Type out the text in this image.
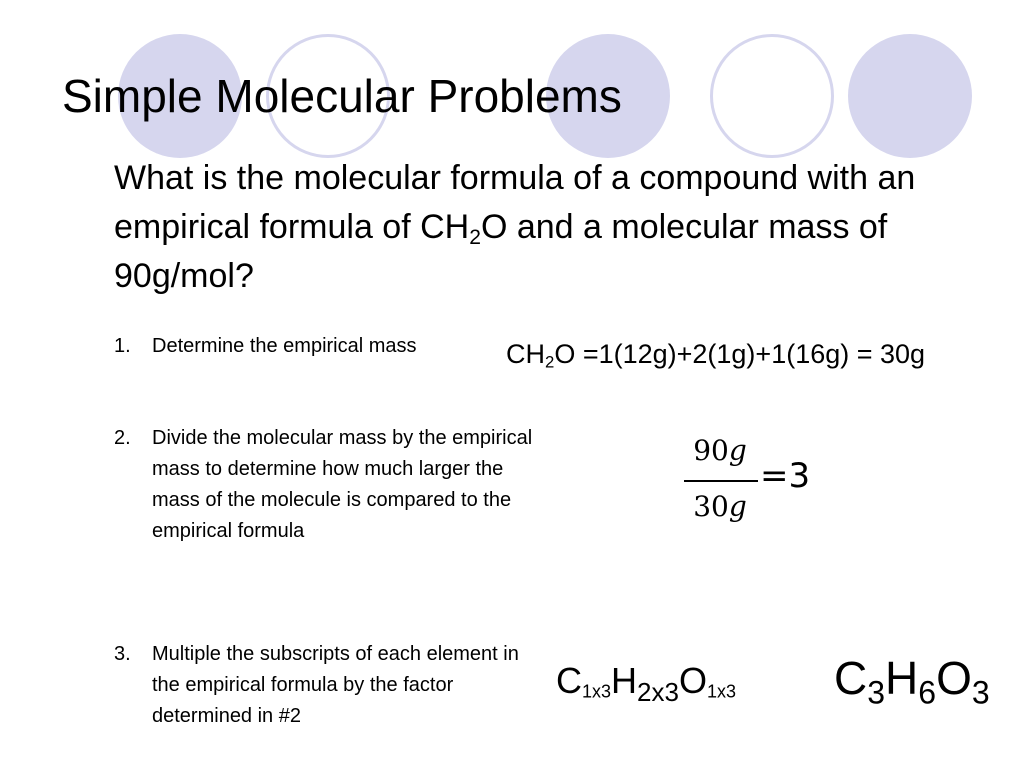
Simple Molecular Problems
What is the molecular formula of a compound with an empirical formula of $CH_2O$ and a molecular mass of 90g/mol?
1. Determine the empirical mass
2. Divide the molecular mass by the empirical mass to determine how much larger the mass of the molecule is compared to the empirical formula
3. Multiple the subscripts of each element in the empirical formula by the factor determined in #2
$CH_2O =1(12g)+2(1g)+1(16g) = 30g$
90g
30g
=3
$C_{1x3}H_{2x3}O_{1x3}$ $C_3H_6O_3$
